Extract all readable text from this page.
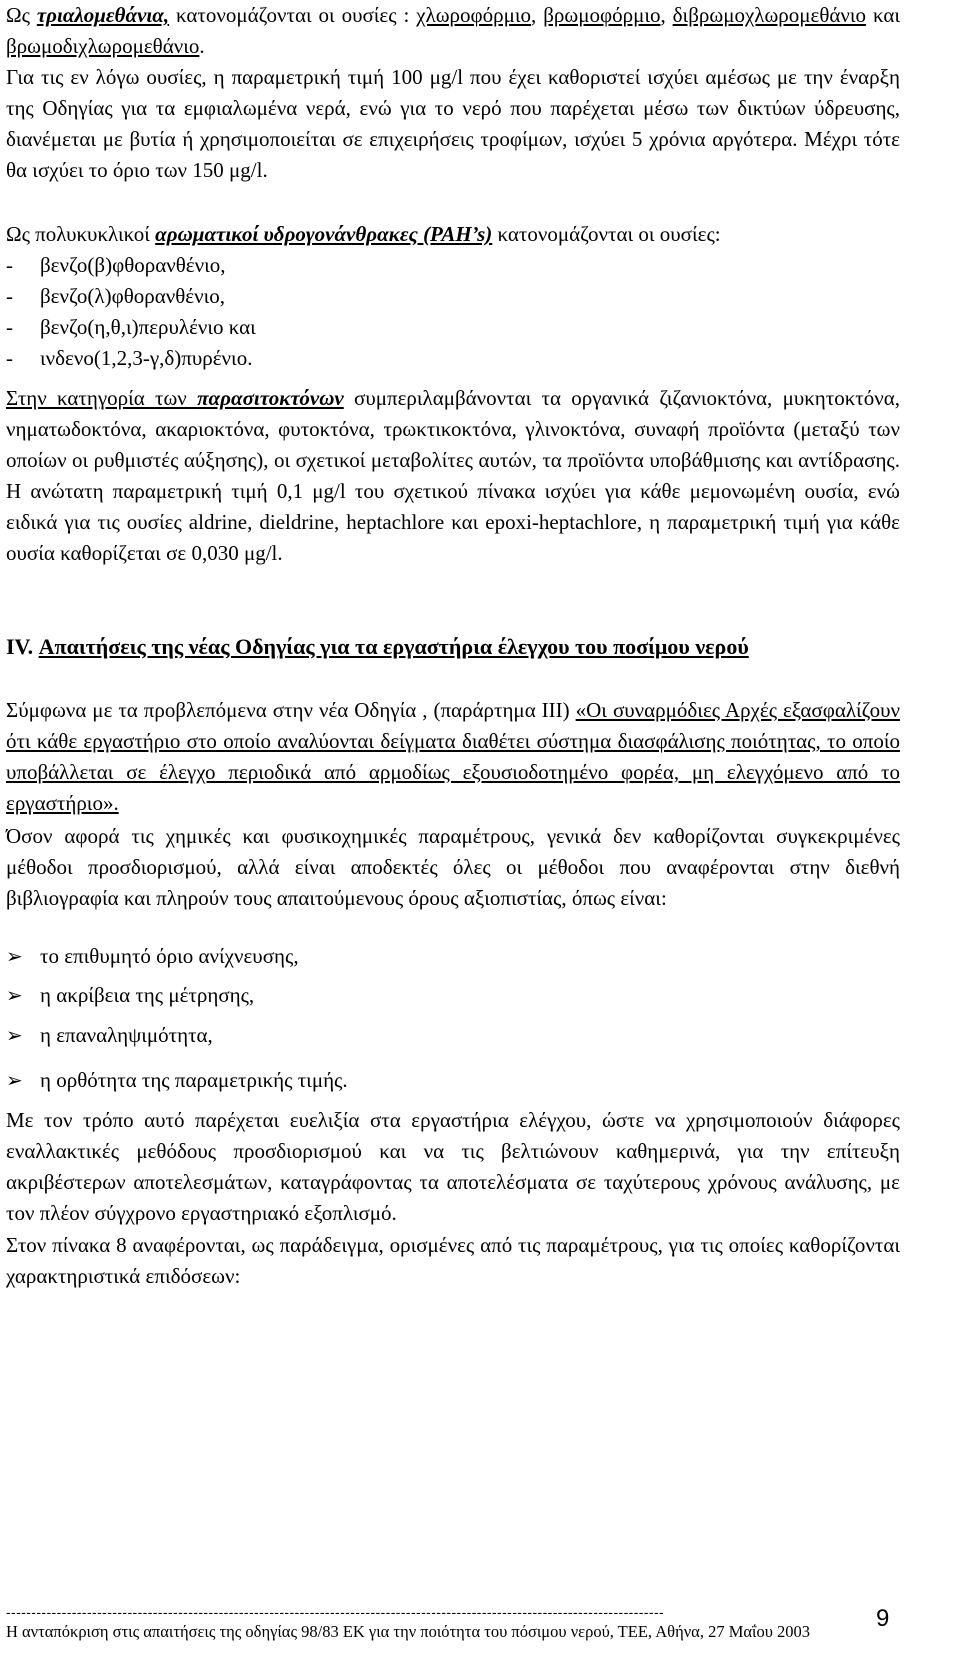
Ως τριαλομεθάνια, κατονομάζονται οι ουσίες : χλωροφόρμιο, βρωμοφόρμιο, διβρωμοχλωρομεθάνιο και βρωμοδιχλωρομεθάνιο.

Για τις εν λόγω ουσίες, η παραμετρική τιμή 100 μg/l που έχει καθοριστεί ισχύει αμέσως με την έναρξη της Οδηγίας για τα εμφιαλωμένα νερά, ενώ για το νερό που παρέχεται μέσω των δικτύων ύδρευσης, διανέμεται με βυτία ή χρησιμοποιείται σε επιχειρήσεις τροφίμων, ισχύει 5 χρόνια αργότερα. Μέχρι τότε θα ισχύει το όριο των 150 μg/l.

Ως πολυκυκλικοί αρωματικοί υδρογονάνθρακες (PAH’s) κατονομάζονται οι ουσίες:

-	βενζο(β)φθορανθένιο,
-	βενζο(λ)φθορανθένιο,
-	βενζο(η,θ,ι)περυλένιο και
-	ινδενο(1,2,3-γ,δ)πυρένιο.

Στην κατηγορία των παρασιτοκτόνων συμπεριλαμβάνονται τα οργανικά ζιζανιοκτόνα, μυκητοκτόνα, νηματωδοκτόνα, ακαριοκτόνα, φυτοκτόνα, τρωκτικοκτόνα, γλινοκτόνα, συναφή προϊόντα (μεταξύ των οποίων οι ρυθμιστές αύξησης), οι σχετικοί μεταβολίτες αυτών, τα προϊόντα υποβάθμισης και αντίδρασης. Η ανώτατη παραμετρική τιμή 0,1 μg/l του σχετικού πίνακα ισχύει για κάθε μεμονωμένη ουσία, ενώ ειδικά για τις ουσίες aldrine, dieldrine, heptachlore και epoxi-heptachlore, η παραμετρική τιμή για κάθε ουσία καθορίζεται σε 0,030 μg/l.

IV. Απαιτήσεις της νέας Οδηγίας για τα εργαστήρια έλεγχου του ποσίμου νερού

Σύμφωνα με τα προβλεπόμενα στην νέα Οδηγία , (παράρτημα ΙΙΙ) «Οι συναρμόδιες Αρχές εξασφαλίζουν ότι κάθε εργαστήριο στο οποίο αναλύονται δείγματα διαθέτει σύστημα διασφάλισης ποιότητας, το οποίο υποβάλλεται σε έλεγχο περιοδικά από αρμοδίως εξουσιοδοτημένο φορέα, μη ελεγχόμενο από το εργαστήριο».

Όσον αφορά τις χημικές και φυσικοχημικές παραμέτρους, γενικά δεν καθορίζονται συγκεκριμένες μέθοδοι προσδιορισμού, αλλά είναι αποδεκτές όλες οι μέθοδοι που αναφέρονται στην διεθνή βιβλιογραφία και πληρούν τους απαιτούμενους όρους αξιοπιστίας, όπως είναι:

➢ το επιθυμητό όριο ανίχνευσης,
➢ η ακρίβεια της μέτρησης,
➢ η επαναληψιμότητα,
➢ η ορθότητα της παραμετρικής τιμής.

Με τον τρόπο αυτό παρέχεται ευελιξία στα εργαστήρια ελέγχου, ώστε να χρησιμοποιούν διάφορες εναλλακτικές μεθόδους προσδιορισμού και να τις βελτιώνουν καθημερινά, για την επίτευξη ακριβέστερων αποτελεσμάτων, καταγράφοντας τα αποτελέσματα σε ταχύτερους χρόνους ανάλυσης, με τον πλέον σύγχρονο εργαστηριακό εξοπλισμό.

Στον πίνακα 8 αναφέρονται, ως παράδειγμα, ορισμένες από τις παραμέτρους, για τις οποίες καθορίζονται χαρακτηριστικά επιδόσεων:

----------------------------------------------------------------------------------------------------------------------------------
Η ανταπόκριση στις απαιτήσεις της οδηγίας 98/83 ΕΚ για την ποιότητα του πόσιμου νερού, ΤΕΕ, Αθήνα, 27 Μαΐου 2003	9
